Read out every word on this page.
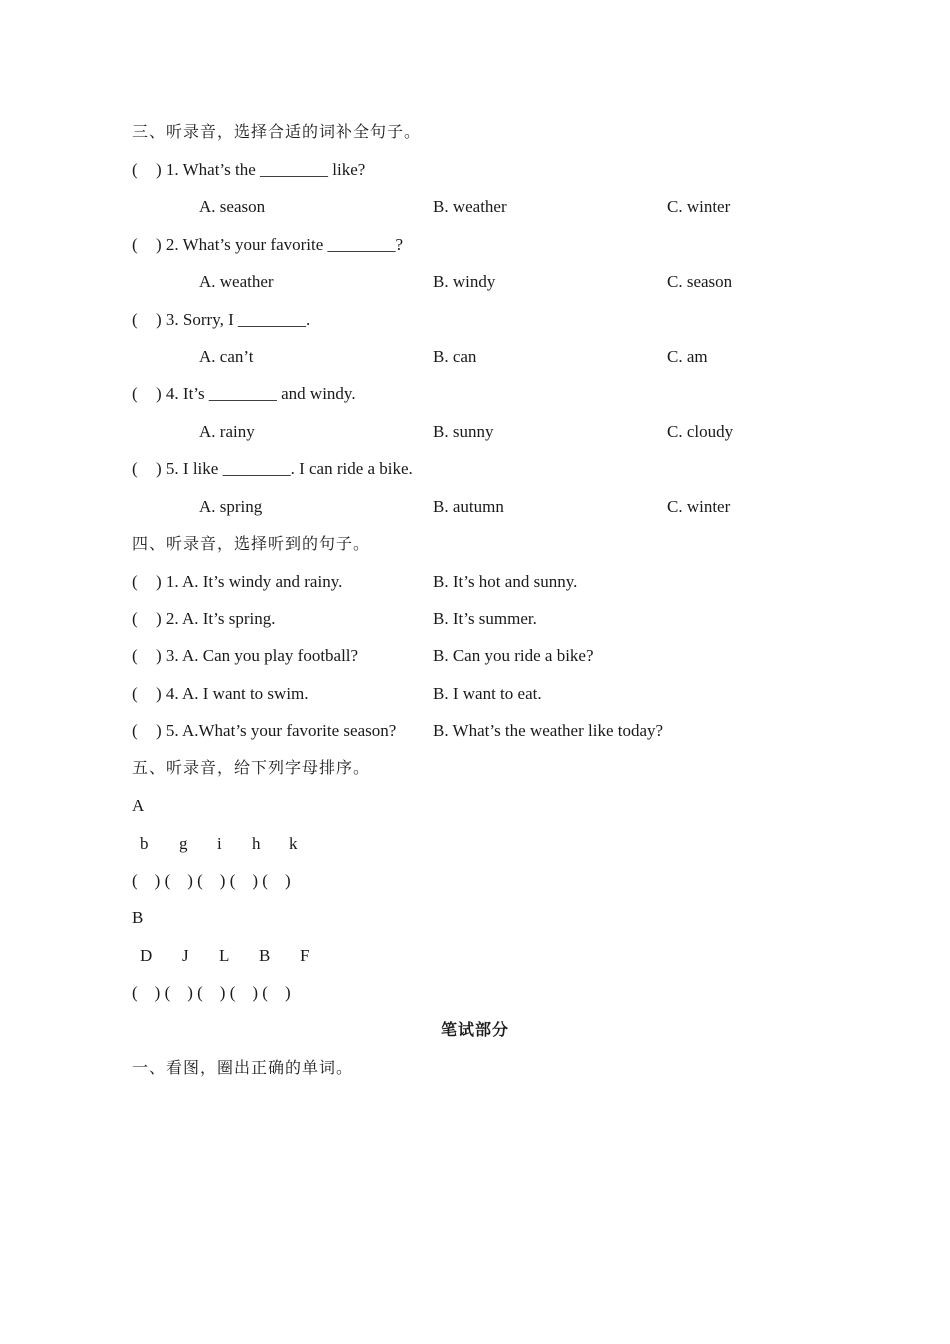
三、听录音，选择合适的词补全句子。
( ) 1. What’s the ________ like?
A. season	B. weather	C. winter
( ) 2. What’s your favorite ________?
A. weather	B. windy	C. season
( ) 3. Sorry, I ________.
A. can’t	B. can	C. am
( ) 4. It’s ________ and windy.
A. rainy	B. sunny	C. cloudy
( ) 5. I like ________. I can ride a bike.
A. spring	B. autumn	C. winter
四、听录音，选择听到的句子。
( ) 1. A. It’s windy and rainy.	B. It’s hot and sunny.
( ) 2. A. It’s spring.	B. It’s summer.
( ) 3. A. Can you play football?	B. Can you ride a bike?
( ) 4. A. I want to swim.	B. I want to eat.
( ) 5. A.What’s your favorite season? B. What’s the weather like today?
五、听录音，给下列字母排序。
A
b g i h k
(    ) (    ) (    ) (    ) (    )
B
D J L B F
(    ) (    ) (    ) (    ) (    )
笔试部分
一、看图，圈出正确的单词。
